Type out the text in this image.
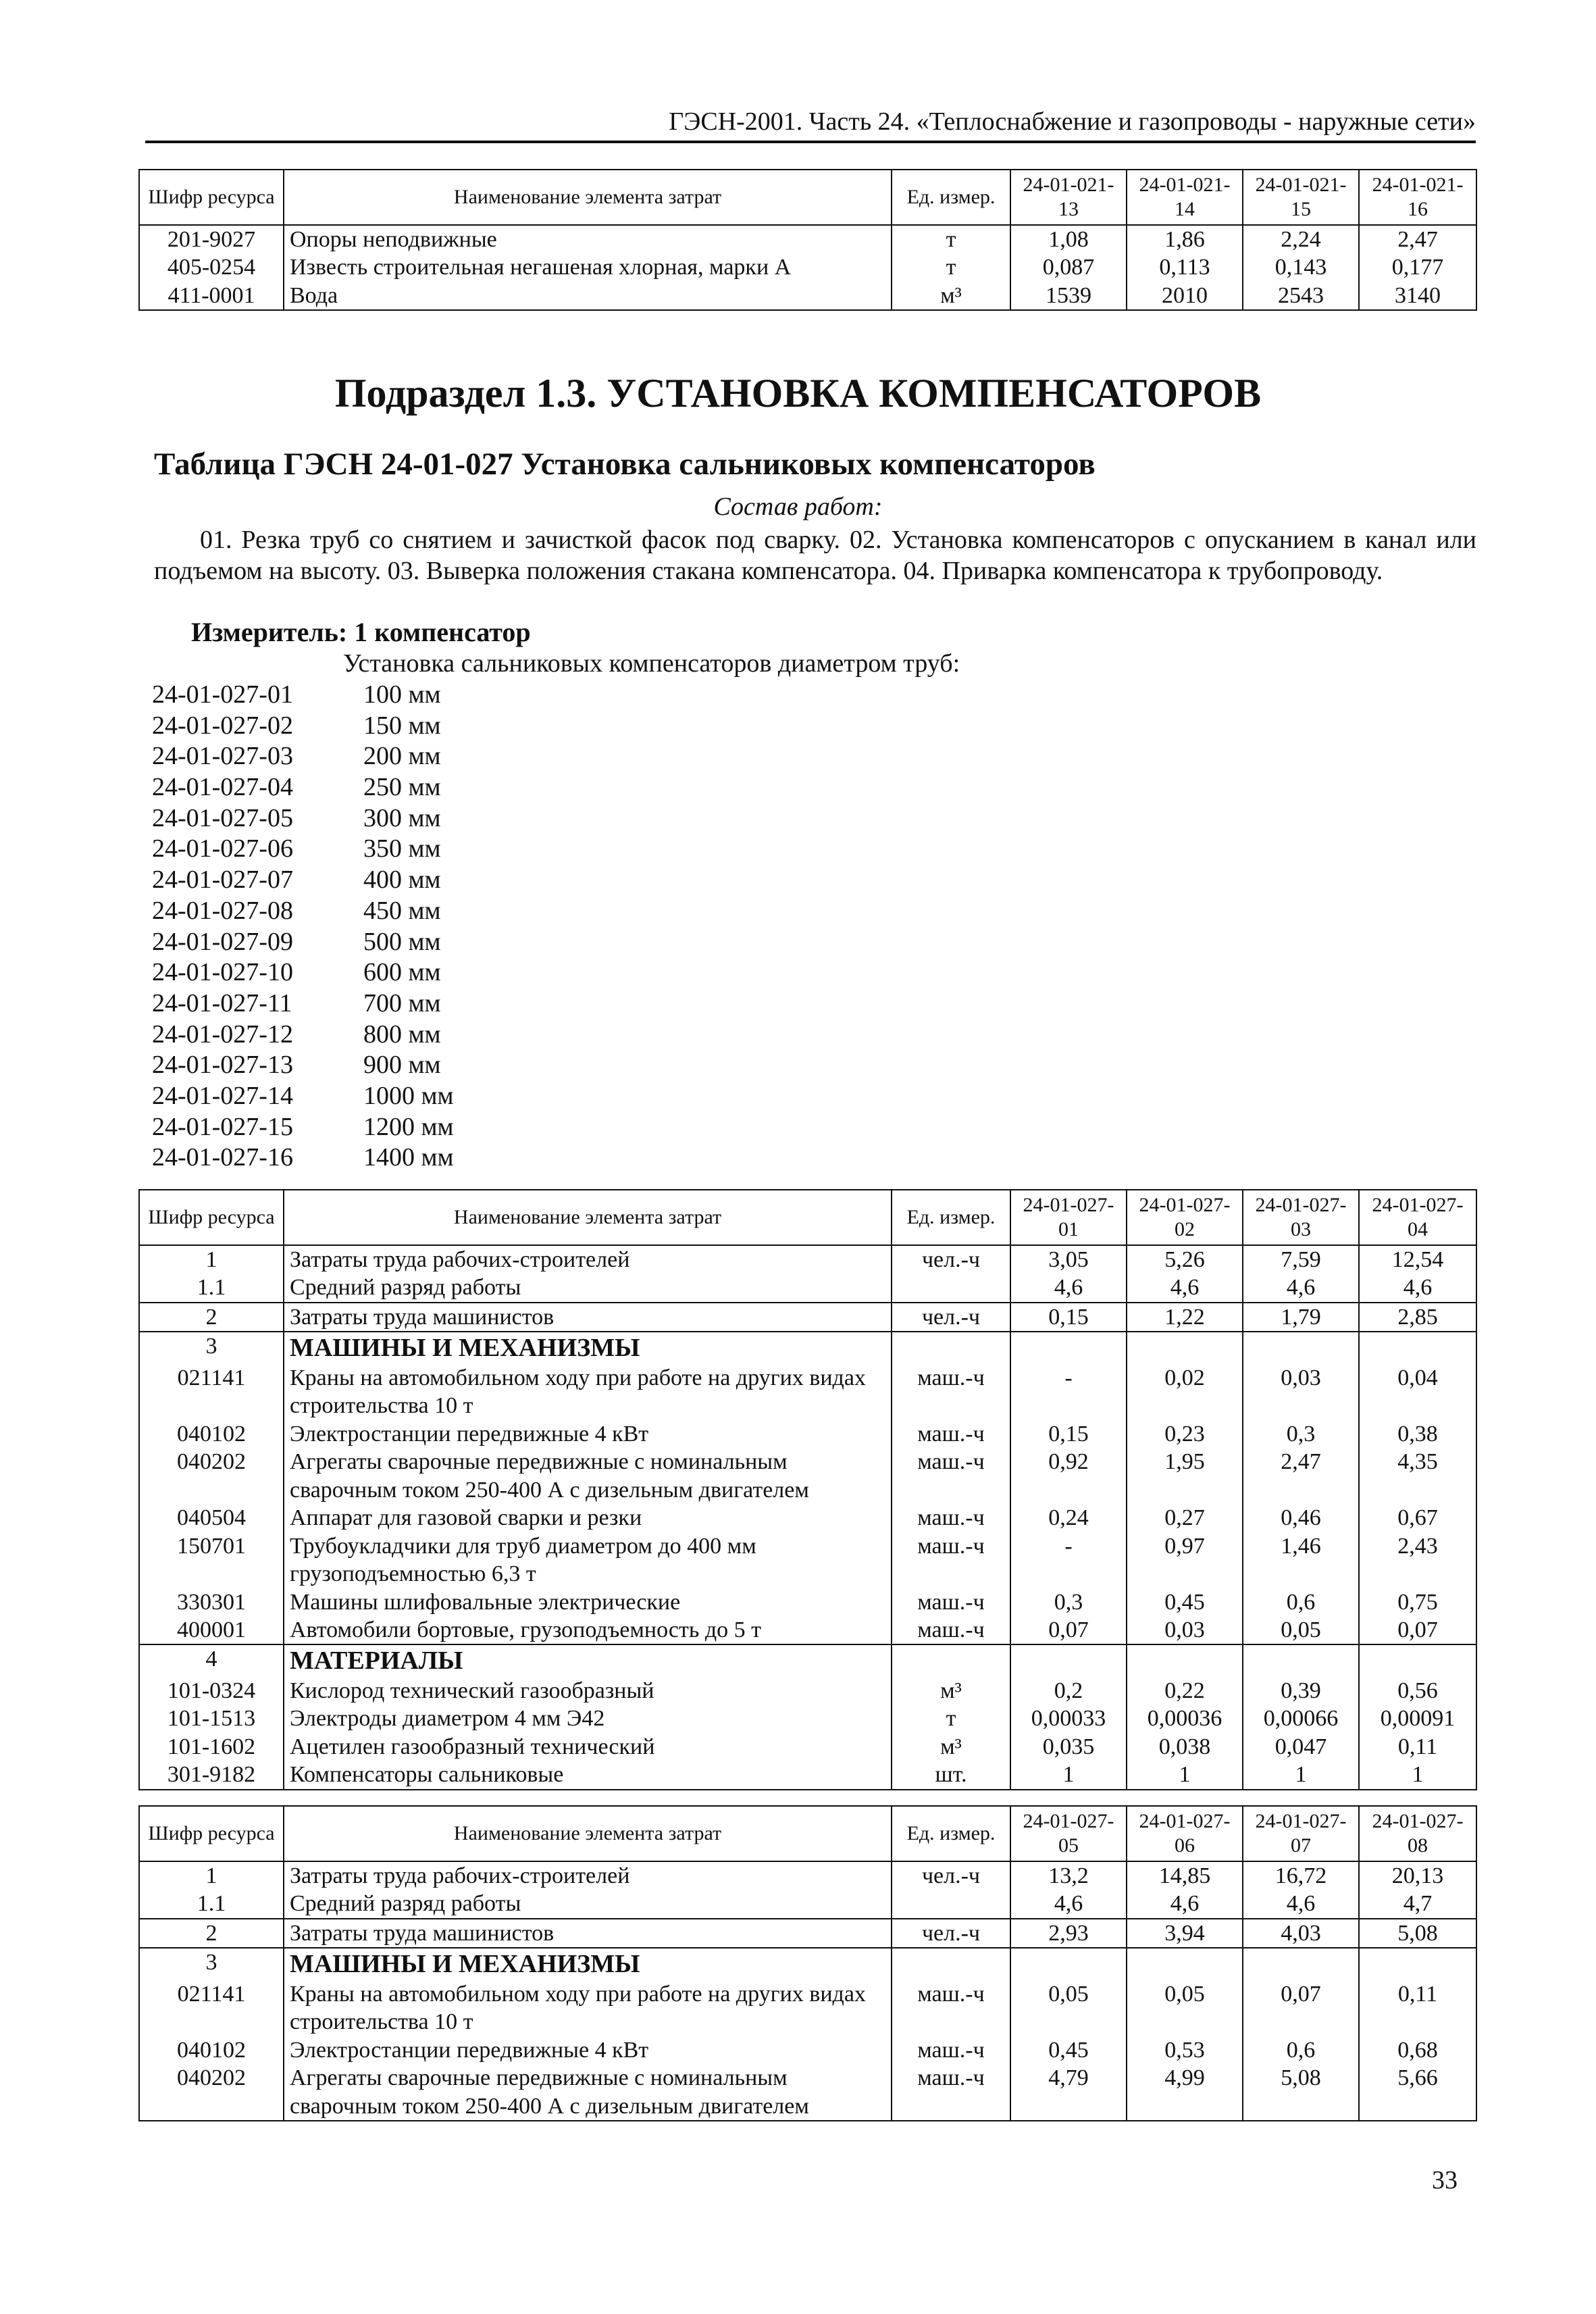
ГЭСН-2001. Часть 24. «Теплоснабжение и газопроводы - наружные сети»
Шифр ресурса	Наименование элемента затрат	Ед. измер.	24-01-021-13	24-01-021-14	24-01-021-15	24-01-021-16
201-9027	Опоры неподвижные	т	1,08	1,86	2,24	2,47
405-0254	Известь строительная негашеная хлорная, марки А	т	0,087	0,113	0,143	0,177
411-0001	Вода	м³	1539	2010	2543	3140
Подраздел 1.3. УСТАНОВКА КОМПЕНСАТОРОВ
Таблица ГЭСН 24-01-027 Установка сальниковых компенсаторов
Состав работ:
01. Резка труб со снятием и зачисткой фасок под сварку. 02. Установка компенсаторов с опусканием в канал или подъемом на высоту. 03. Выверка положения стакана компенсатора. 04. Приварка компенсатора к трубопроводу.
Измеритель: 1 компенсатор
Установка сальниковых компенсаторов диаметром труб:
24-01-027-01	100 мм
24-01-027-02	150 мм
24-01-027-03	200 мм
24-01-027-04	250 мм
24-01-027-05	300 мм
24-01-027-06	350 мм
24-01-027-07	400 мм
24-01-027-08	450 мм
24-01-027-09	500 мм
24-01-027-10	600 мм
24-01-027-11	700 мм
24-01-027-12	800 мм
24-01-027-13	900 мм
24-01-027-14	1000 мм
24-01-027-15	1200 мм
24-01-027-16	1400 мм
Шифр ресурса	Наименование элемента затрат	Ед. измер.	24-01-027-01	24-01-027-02	24-01-027-03	24-01-027-04
1	Затраты труда рабочих-строителей	чел.-ч	3,05	5,26	7,59	12,54
1.1	Средний разряд работы		4,6	4,6	4,6	4,6
2	Затраты труда машинистов	чел.-ч	0,15	1,22	1,79	2,85
3	МАШИНЫ И МЕХАНИЗМЫ					
021141	Краны на автомобильном ходу при работе на других видах строительства 10 т	маш.-ч	-	0,02	0,03	0,04
040102	Электростанции передвижные 4 кВт	маш.-ч	0,15	0,23	0,3	0,38
040202	Агрегаты сварочные передвижные с номинальным сварочным током 250-400 А с дизельным двигателем	маш.-ч	0,92	1,95	2,47	4,35
040504	Аппарат для газовой сварки и резки	маш.-ч	0,24	0,27	0,46	0,67
150701	Трубоукладчики для труб диаметром до 400 мм грузоподъемностью 6,3 т	маш.-ч	-	0,97	1,46	2,43
330301	Машины шлифовальные электрические	маш.-ч	0,3	0,45	0,6	0,75
400001	Автомобили бортовые, грузоподъемность до 5 т	маш.-ч	0,07	0,03	0,05	0,07
4	МАТЕРИАЛЫ					
101-0324	Кислород технический газообразный	м³	0,2	0,22	0,39	0,56
101-1513	Электроды диаметром 4 мм Э42	т	0,00033	0,00036	0,00066	0,00091
101-1602	Ацетилен газообразный технический	м³	0,035	0,038	0,047	0,11
301-9182	Компенсаторы сальниковые	шт.	1	1	1	1
Шифр ресурса	Наименование элемента затрат	Ед. измер.	24-01-027-05	24-01-027-06	24-01-027-07	24-01-027-08
1	Затраты труда рабочих-строителей	чел.-ч	13,2	14,85	16,72	20,13
1.1	Средний разряд работы		4,6	4,6	4,6	4,7
2	Затраты труда машинистов	чел.-ч	2,93	3,94	4,03	5,08
3	МАШИНЫ И МЕХАНИЗМЫ					
021141	Краны на автомобильном ходу при работе на других видах строительства 10 т	маш.-ч	0,05	0,05	0,07	0,11
040102	Электростанции передвижные 4 кВт	маш.-ч	0,45	0,53	0,6	0,68
040202	Агрегаты сварочные передвижные с номинальным сварочным током 250-400 А с дизельным двигателем	маш.-ч	4,79	4,99	5,08	5,66
33
